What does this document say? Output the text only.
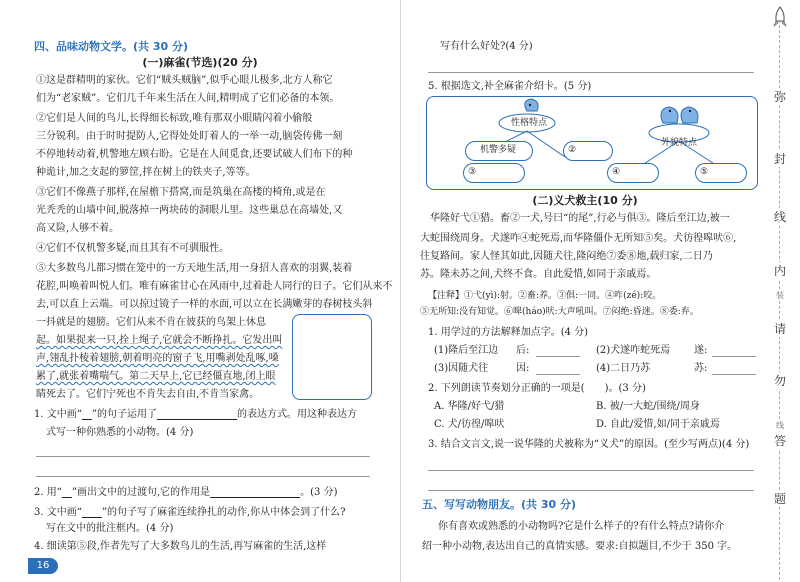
四、品味动物文学。(共 30 分)

(一)麻雀(节选)(20 分)

①这是群精明的家伙。它们“贼头贼脑”,似乎心眼儿极多,北方人称它

们为“老家贼”。它们几千年来生活在人间,精明成了它们必备的本领。

②它们是人间的鸟儿,长得细长标致,唯有那双小眼睛闪着小偷般

三分锐利。由于时时提防人,它得处处盯着人的一举一动,脑袋传佛一刻

不停地转动着,机警地左顾右盼。它是在人间觅食,还要试破人们布下的种

种诡计,加之支起的箩筐,拌在树上的铁夹子,等等。

③它们不像燕子那样,在屋檐下搭窝,而是筑巢在高楼的椅角,或是在

光秃秃的山墙中间,脱落掉一两块砖的洞眼儿里。这些巢总在高墙处,又

高又险,人够不着。

④它们不仅机警多疑,而且其有不可驯服性。

⑤大多数鸟儿都习惯在笼中的一方天地生活,用一身招人喜欢的羽翼,装着

花腔,叫唤着叫悦人们。唯有麻雀甘心在风雨中,过着赴人同行的日子。它们从来不

去,可以直上云端。可以掠过镜子一样的水面,可以立在长满嫩芽的春树枝头斜

一抖就是的翅膀。它们从来不肯在彼获的鸟架上休息

起。如果捉来一只,拴上绳子,它就会不断挣扎。它发出叫

声,翎乱扑棱着翅膀,朝着明亮的窗子飞,用嘴剥处乱啄,嗓

累了,就张着嘴喘气。第二天早上,它已经僵直地,闭上眼

睛死去了。它们宁死也不肯失去自由,不肯当家禽。

1. 文中画“　 ”的句子运用了　　　　　　　　	的表达方式。用这种表达方

式写一种你熟悉的小动物。(4 分)

2. 用“　 ”画出文中的过渡句,它的作用是　　　　　　　　　	。(3 分)

3. 文中画“　　 ”的句子写了麻雀连续挣扎的动作,你从中体会到了什么?

写在文中的批注框内。(4 分)

4. 细读第⑤段,作者先写了大多数鸟儿的生活,再写麻雀的生活,这样

16

写有什么好处?(4 分)

5. 根据选文,补全麻雀介绍卡。(5 分)

性格特点

外貌特点

机警多疑	②
③	④	⑤

(二)义犬救主(10 分)

华隆好弋①猎。畜②一犬,号曰“的尾”,行必与俱③。隆后至江边,被一

大蛇围绕周身。犬遂咋④蛇死焉,而华隆僵仆无所知⑤矣。犬彷徨嗥吠⑥,

往复路间。家人怪其如此,因随犬往,隆闷绝⑦委⑧地,载归家,二日乃

苏。隆未苏之间,犬终不食。自此爱惜,如同于亲戚焉。

【注释】①弋(yì):射。②畜:养。③俱:一同。④咋(zé):咬。

⑤无所知:没有知觉。⑥嗥(háo)吠:大声吼叫。⑦闷绝:昏迷。⑧委:弃。

1. 用学过的方法解释加点字。(4 分)

(1)隆后至江边 后:	(2)犬遂咋蛇死焉 遂:

(3)因随犬往	因:	(4)二日乃苏	苏:

2. 下列朗读节奏划分正确的一项是(　　)。(3 分)

A. 华隆/好弋/猎	B. 被/一大蛇/围绕/周身

C. 犬/彷徨/嗥吠	D. 自此/爱惜,如/同于亲戚焉

3. 结合文言文,说一说华隆的犬被称为“义犬”的原因。(至少写两点)(4 分)

五、写写动物朋友。(共 30 分)

你有喜欢或熟悉的小动物吗?它是什么样子的?有什么特点?请你介

绍一种小动物,表达出自己的真情实感。要求:自拟题目,不少于 350 字。

弥
封
线
内
装
请
勿
线
答
题
